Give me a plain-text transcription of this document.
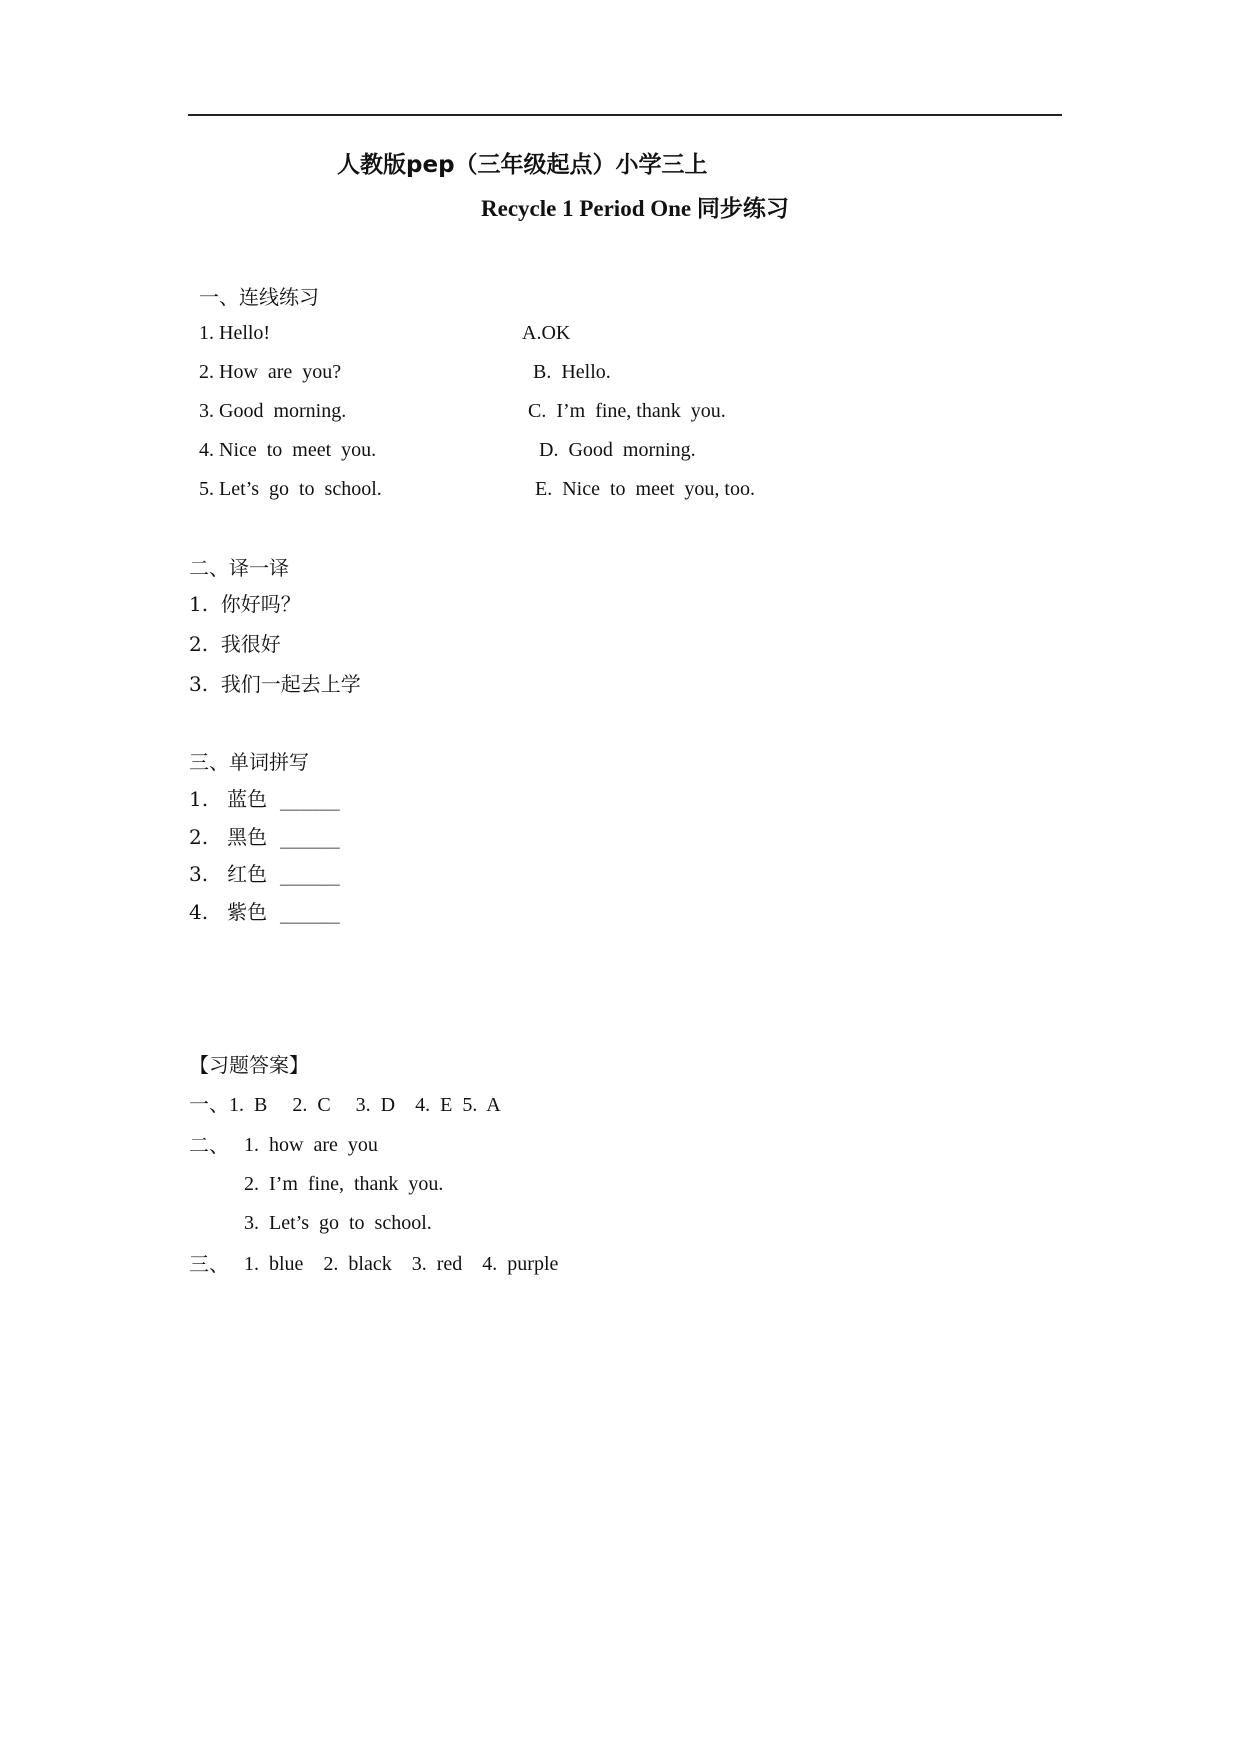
人教版pep（三年级起点）小学三上
Recycle 1 Period One 同步练习
一、连线练习
1. Hello!
2. How  are  you?
3. Good  morning.
4. Nice  to  meet  you.
5. Let’s  go  to  school.
A.OK
B.  Hello.
C.  I’m  fine, thank  you.
D.  Good  morning.
E.  Nice  to  meet  you, too.
二、译一译
1.  你好吗？
2.  我很好
3.  我们一起去上学
三、单词拼写
1.   蓝色  ______
2.   黑色  ______
3.   红色  ______
4.   紫色  ______
【习题答案】
一、1.  B     2.  C     3.  D    4.  E  5.  A
二、 1.  how  are  you
2.  I’m  fine,  thank  you.
3.  Let’s  go  to  school.
三、 1.  blue    2.  black    3.  red    4.  purple
